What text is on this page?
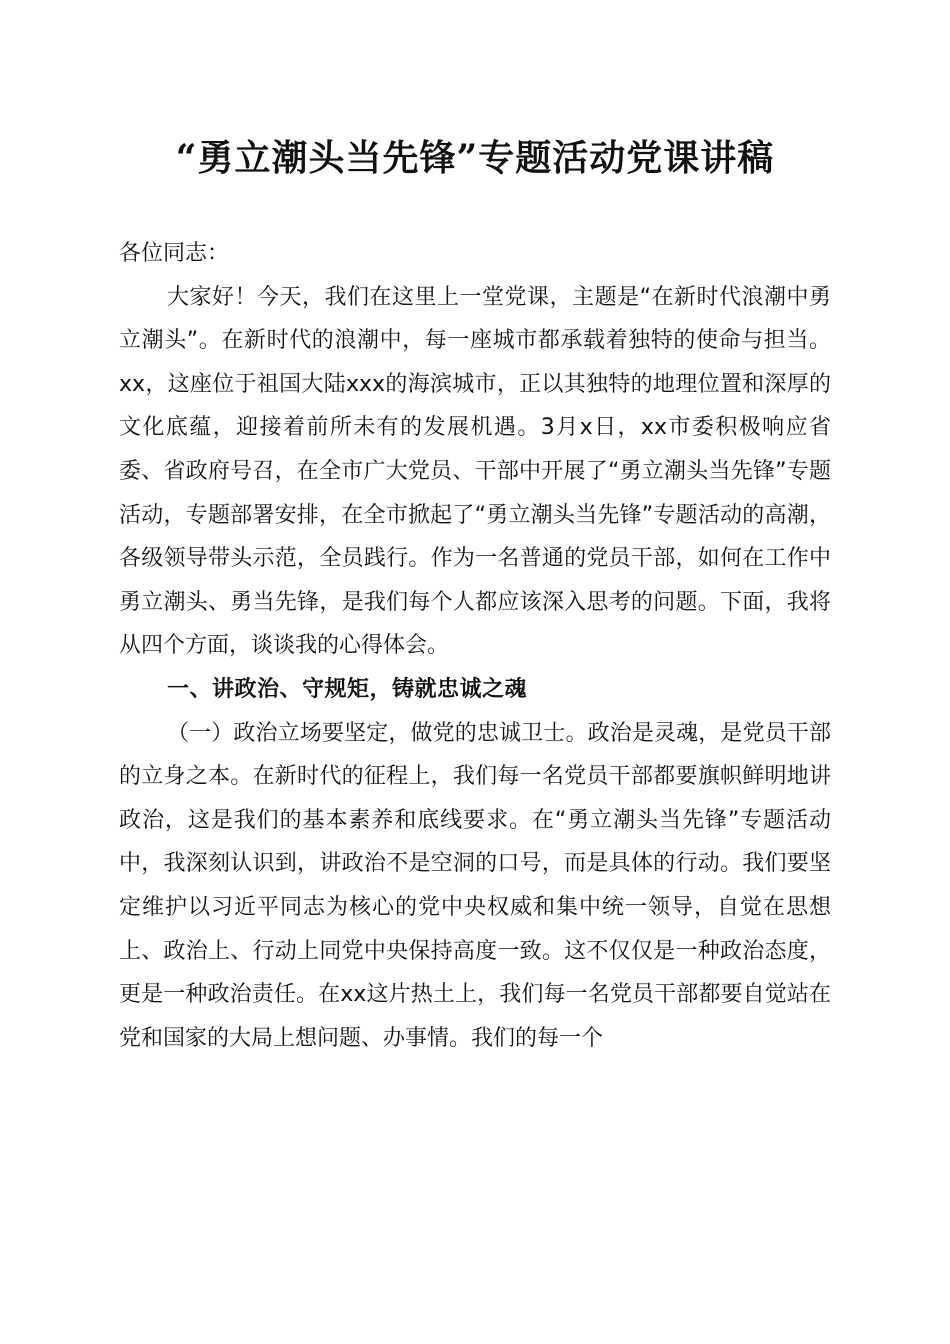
“勇立潮头当先锋”专题活动党课讲稿

各位同志：

大家好！今天，我们在这里上一堂党课，主题是“在新时代浪潮中勇立潮头”。在新时代的浪潮中，每一座城市都承载着独特的使命与担当。xx，这座位于祖国大陆xxx的海滨城市，正以其独特的地理位置和深厚的文化底蕴，迎接着前所未有的发展机遇。3月x日，xx市委积极响应省委、省政府号召，在全市广大党员、干部中开展了“勇立潮头当先锋”专题活动，专题部署安排，在全市掀起了“勇立潮头当先锋”专题活动的高潮，各级领导带头示范，全员践行。作为一名普通的党员干部，如何在工作中勇立潮头、勇当先锋，是我们每个人都应该深入思考的问题。下面，我将从四个方面，谈谈我的心得体会。

一、讲政治、守规矩，铸就忠诚之魂

（一）政治立场要坚定，做党的忠诚卫士。政治是灵魂，是党员干部的立身之本。在新时代的征程上，我们每一名党员干部都要旗帜鲜明地讲政治，这是我们的基本素养和底线要求。在“勇立潮头当先锋”专题活动中，我深刻认识到，讲政治不是空洞的口号，而是具体的行动。我们要坚定维护以习近平同志为核心的党中央权威和集中统一领导，自觉在思想上、政治上、行动上同党中央保持高度一致。这不仅仅是一种政治态度，更是一种政治责任。在xx这片热土上，我们每一名党员干部都要自觉站在党和国家的大局上想问题、办事情。我们的每一个
